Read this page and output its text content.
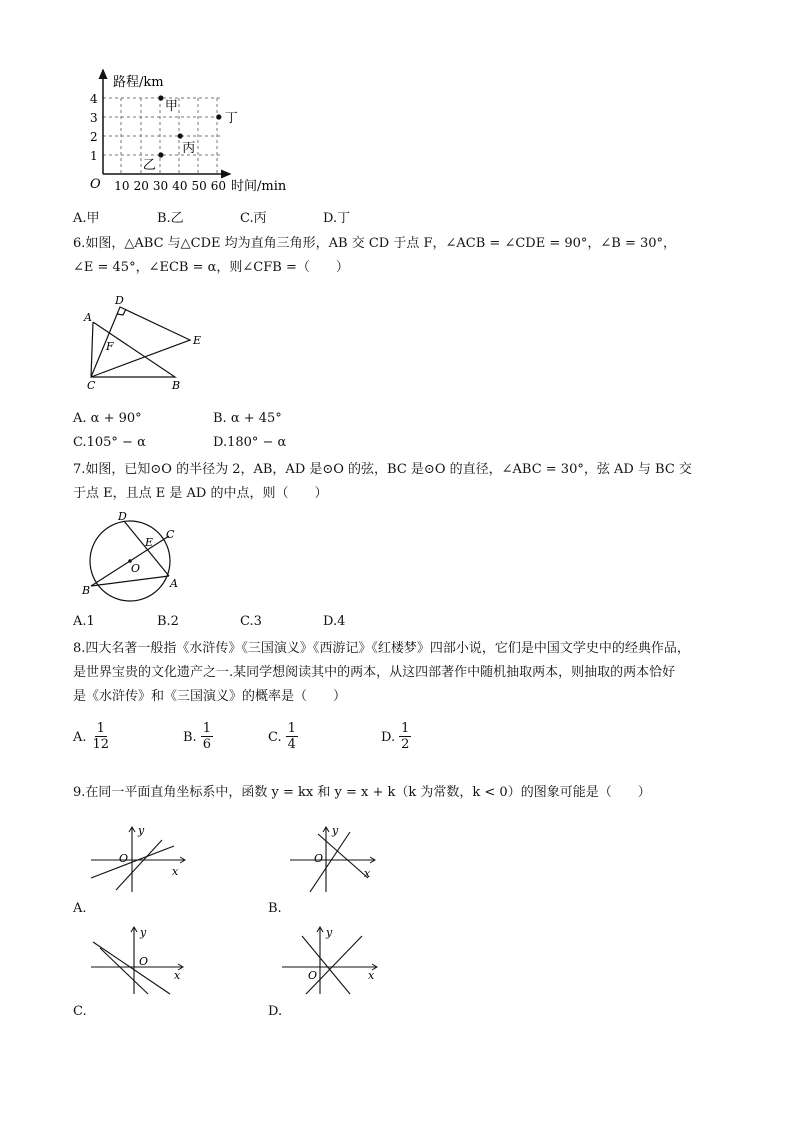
路程/km
时间/min
O 10 20 30 40 50 60
1
2
3
4	甲
乙
丙
丁
A.甲	B.乙	C.丙	D.丁
6.如图，△ABC 与△CDE 均为直角三角形，AB 交 CD 于点 F，∠ACB = ∠CDE = 90°，∠B = 30°，
∠E = 45°，∠ECB = α，则∠CFB =（　　）
A
D
E
F
C	B
A. α + 90°	B. α + 45°
C.105° − α	D.180° − α
7.如图，已知⊙O 的半径为 2，AB，AD 是⊙O 的弦，BC 是⊙O 的直径，∠ABC = 30°，弦 AD 与 BC 交
于点 E，且点 E 是 AD 的中点，则（　　）
D
C
E
O
B
A
A.1	B.2	C.3	D.4
8.四大名著一般指《水浒传》《三国演义》《西游记》《红楼梦》四部小说，它们是中国文学史中的经典作品，
是世界宝贵的文化遗产之一.某同学想阅读其中的两本，从这四部著作中随机抽取两本，则抽取的两本恰好
是《水浒传》和《三国演义》的概率是（　　）
A. $\frac{1}{12}$	B. $\frac{1}{6}$	C. $\frac{1}{4}$	D. $\frac{1}{2}$
9.在同一平面直角坐标系中，函数 y = kx 和 y = x + k（k 为常数，k < 0）的图象可能是（　　）
y
x
O
A.
y
x
O
B.
y
x
O
C.
y
x
O
D.
